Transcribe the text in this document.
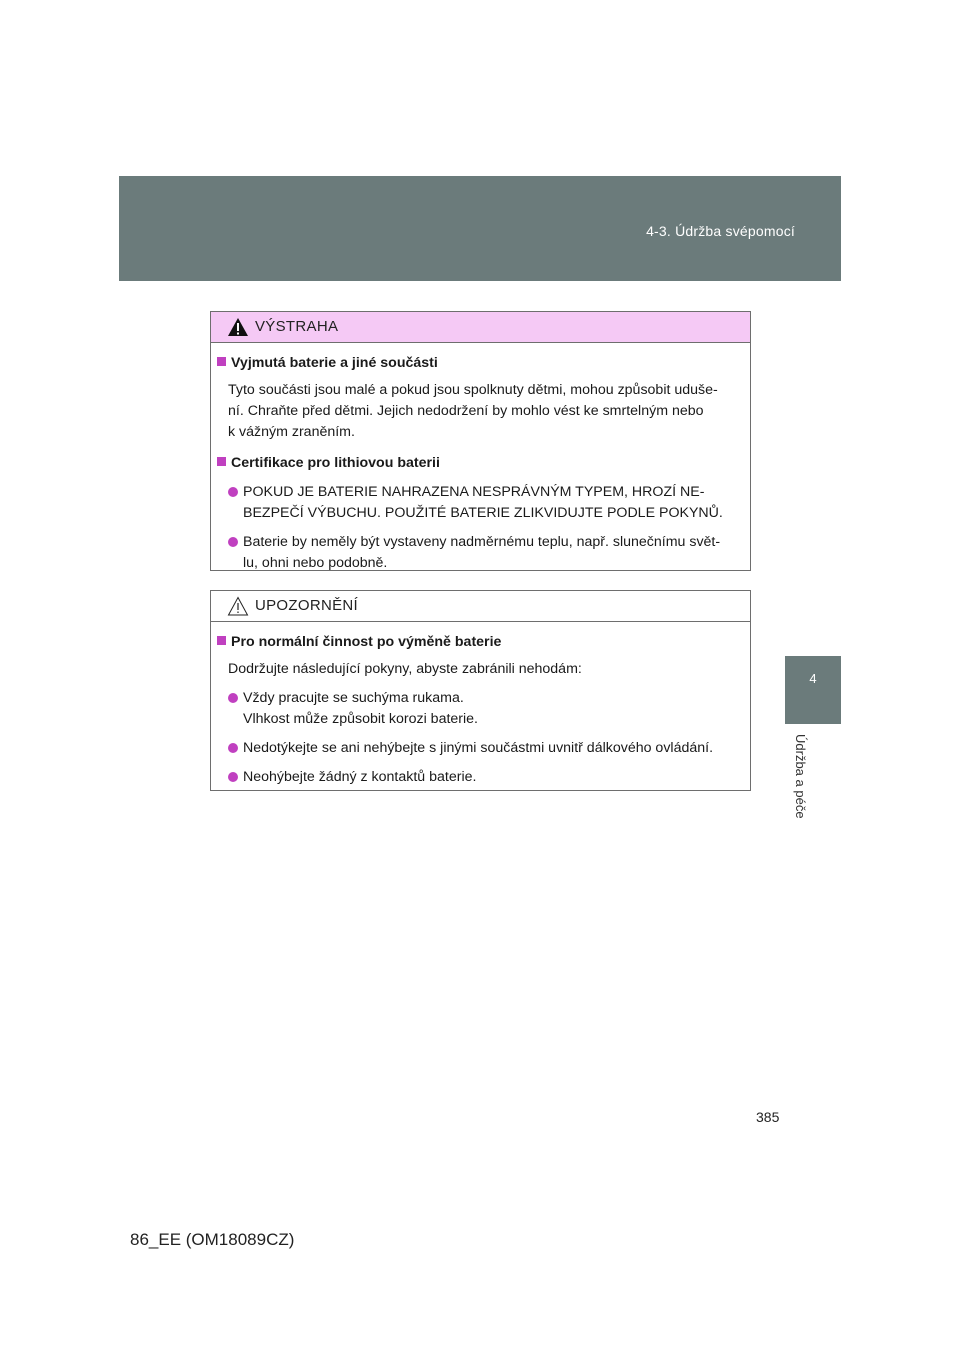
4-3. Údržba svépomocí
4
Údržba a péče
VÝSTRAHA
Vyjmutá baterie a jiné součásti
Tyto součásti jsou malé a pokud jsou spolknuty dětmi, mohou způsobit uduše-
ní. Chraňte před dětmi. Jejich nedodržení by mohlo vést ke smrtelným nebo
k vážným zraněním.
Certifikace pro lithiovou baterii
POKUD JE BATERIE NAHRAZENA NESPRÁVNÝM TYPEM, HROZÍ NE-
BEZPEČÍ VÝBUCHU. POUŽITÉ BATERIE ZLIKVIDUJTE PODLE POKYNŮ.
Baterie by neměly být vystaveny nadměrnému teplu, např. slunečnímu svět-
lu, ohni nebo podobně.
UPOZORNĚNÍ
Pro normální činnost po výměně baterie
Dodržujte následující pokyny, abyste zabránili nehodám:
Vždy pracujte se suchýma rukama.
Vlhkost může způsobit korozi baterie.
Nedotýkejte se ani nehýbejte s jinými součástmi uvnitř dálkového ovládání.
Neohýbejte žádný z kontaktů baterie.
385
86_EE (OM18089CZ)
